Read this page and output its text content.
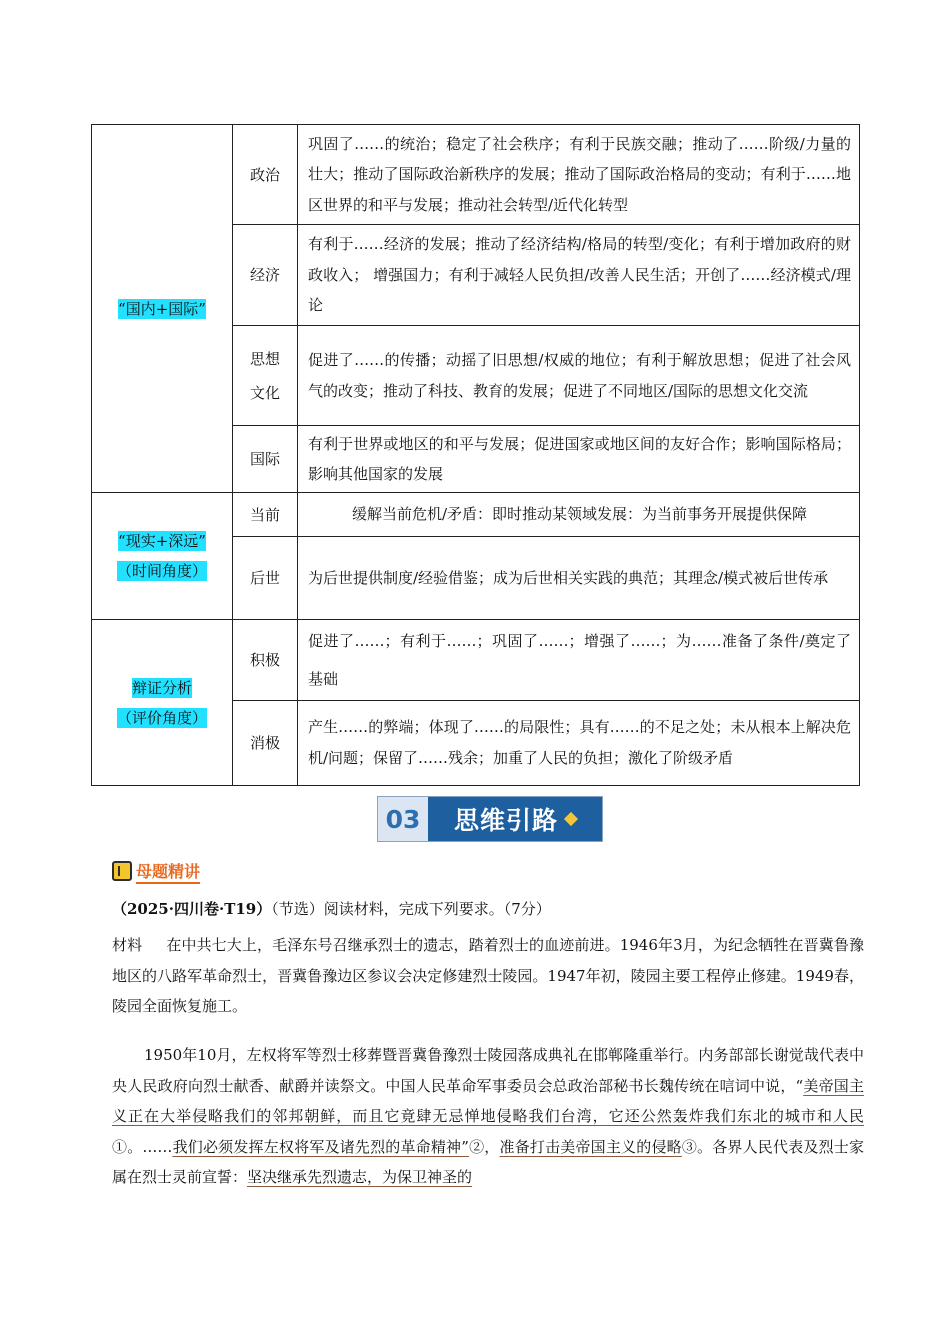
“国内+国际”	政治	巩固了……的统治；稳定了社会秩序；有利于民族交融；推动了……阶级/力量的壮大；推动了国际政治新秩序的发展；推动了国际政治格局的变动；有利于……地区世界的和平与发展；推动社会转型/近代化转型
	经济	有利于……经济的发展；推动了经济结构/格局的转型/变化；有利于增加政府的财政收入； 增强国力；有利于减轻人民负担/改善人民生活；开创了……经济模式/理论

	思想文化	促进了……的传播；动摇了旧思想/权威的地位；有利于解放思想；促进了社会风气的改变；推动了科技、教育的发展；促进了不同地区/国际的思想文化交流
	国际	有利于世界或地区的和平与发展；促进国家或地区间的友好合作；影响国际格局；影响其他国家的发展
“现实+深远”
（时间角度）	当前	缓解当前危机/矛盾：即时推动某领域发展：为当前事务开展提供保障
	后世	为后世提供制度/经验借鉴；成为后世相关实践的典范；其理念/模式被后世传承
辩证分析
（评价角度）	积极	促进了……；有利于……；巩固了……；增强了……；为……准备了条件/奠定了基础
	消极	产生……的弊端；体现了……的局限性；具有……的不足之处；未从根本上解决危机/问题；保留了……残余；加重了人民的负担；激化了阶级矛盾
03	思维引路
母题精讲
（2025·四川卷·T19）（节选）阅读材料，完成下列要求。（7分）

材料 在中共七大上，毛泽东号召继承烈士的遗志，踏着烈士的血迹前进。1946年3月，为纪念牺牲在晋冀鲁豫地区的八路军革命烈士，晋冀鲁豫边区参议会决定修建烈士陵园。1947年初，陵园主要工程停止修建。1949春，陵园全面恢复施工。

1950年10月，左权将军等烈士移葬暨晋冀鲁豫烈士陵园落成典礼在邯郸隆重举行。内务部部长谢觉哉代表中央人民政府向烈士献香、献爵并读祭文。中国人民革命军事委员会总政治部秘书长魏传统在唁词中说，“美帝国主义正在大举侵略我们的邻邦朝鲜，而且它竟肆无忌惮地侵略我们台湾，它还公然轰炸我们东北的城市和人民①。……我们必须发挥左权将军及诸先烈的革命精神”②，准备打击美帝国主义的侵略③。各界人民代表及烈士家属在烈士灵前宣誓：坚决继承先烈遗志，为保卫神圣的
